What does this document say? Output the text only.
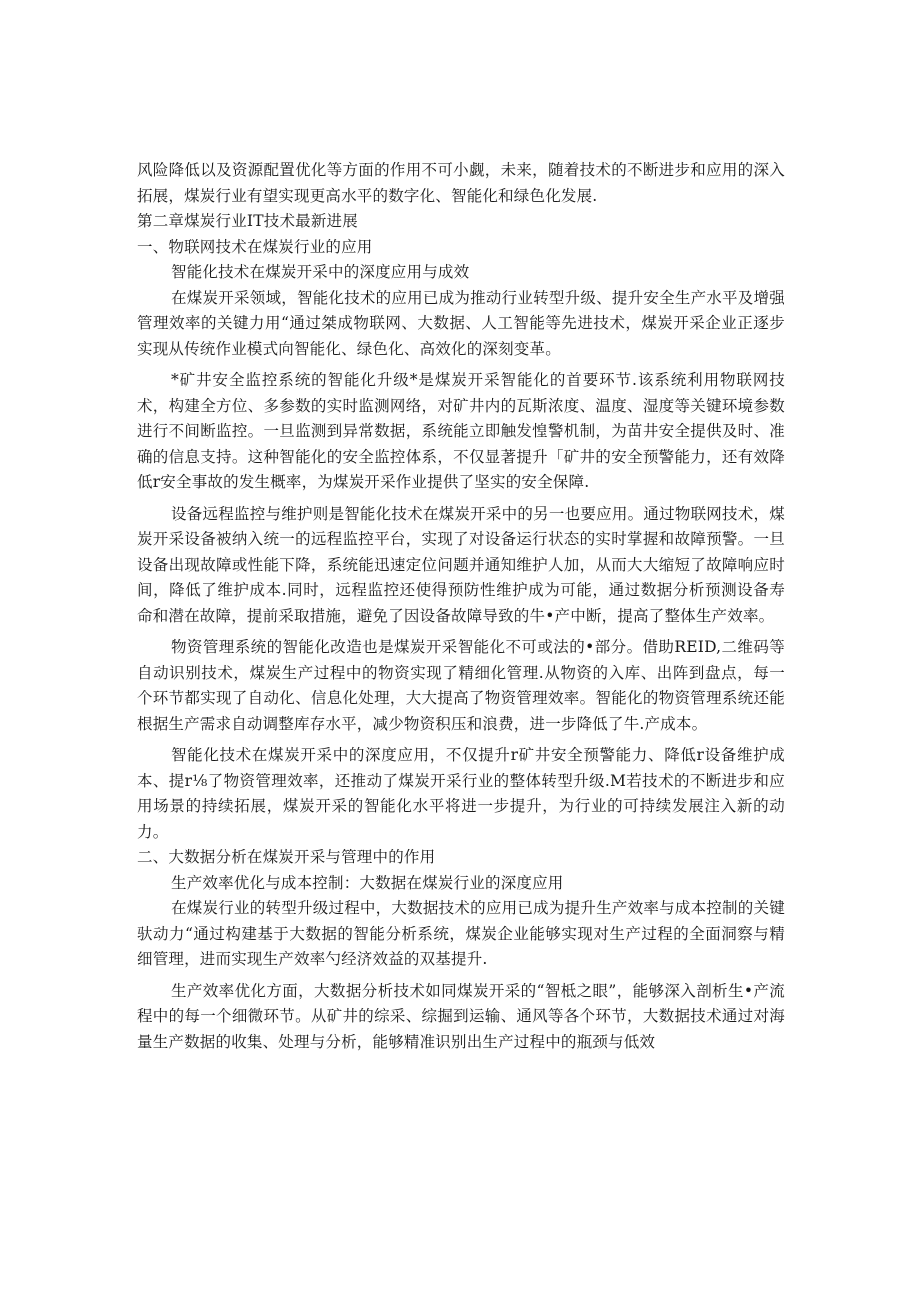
风险降低以及资源配置优化等方面的作用不可小觑，未来，随着技术的不断进步和应用的深入拓展，煤炭行业有望实现更高水平的数字化、智能化和绿色化发展.

第二章煤炭行业IT技术最新进展

一、物联网技术在煤炭行业的应用

智能化技术在煤炭开采中的深度应用与成效

在煤炭开采领域，智能化技术的应用已成为推动行业转型升级、提升安全生产水平及增强管理效率的关键力用“通过桀成物联网、大数据、人工智能等先进技术，煤炭开采企业正逐步实现从传统作业模式向智能化、绿色化、高效化的深刻变革。

*矿井安全监控系统的智能化升级*是煤炭开采智能化的首要环节.该系统利用物联网技术，构建全方位、多参数的实时监测网络，对矿井内的瓦斯浓度、温度、湿度等关键环境参数进行不间断监控。一旦监测到异常数据，系统能立即触发惶警机制，为苗井安全提供及时、准确的信息支持。这种智能化的安全监控体系，不仅显著提升「矿井的安全预警能力，还有效降低r安全事故的发生概率，为煤炭开采作业提供了坚实的安全保障.

设备远程监控与维护则是智能化技术在煤炭开采中的另一也要应用。通过物联网技术，煤炭开采设备被纳入统一的远程监控平台，实现了对设备运行状态的实时掌握和故障预警。一旦设备出现故障或性能下降，系统能迅速定位问题并通知维护人加，从而大大缩短了故障响应时间，降低了维护成本.同时，远程监控还使得预防性维护成为可能，通过数据分析预测设备寿命和潜在故障，提前采取措施，避免了因设备故障导致的牛•产中断，提高了整体生产效率。

物资管理系统的智能化改造也是煤炭开采智能化不可或法的•部分。借助REID,二维码等自动识别技术，煤炭生产过程中的物资实现了精细化管理.从物资的入库、出阵到盘点，每一个环节都实现了自动化、信息化处理，大大提高了物资管理效率。智能化的物资管理系统还能根据生产需求自动调整库存水平，减少物资积压和浪费，进一步降低了牛.产成本。

智能化技术在煤炭开采中的深度应用，不仅提升r矿井安全预警能力、降低r设备维护成本、提r⅛了物资管理效率，还推动了煤炭开采行业的整体转型升级.M若技术的不断进步和应用场景的持续拓展，煤炭开采的智能化水平将进一步提升，为行业的可持续发展注入新的动力。

二、大数据分析在煤炭开采与管理中的作用

生产效率优化与成本控制：大数据在煤炭行业的深度应用

在煤炭行业的转型升级过程中，大数据技术的应用已成为提升生产效率与成本控制的关键驮动力“通过构建基于大数据的智能分析系统，煤炭企业能够实现对生产过程的全面洞察与精细管理，进而实现生产效率勺经济效益的双基提升.

生产效率优化方面，大数据分析技术如同煤炭开采的“智柢之眼”，能够深入剖析生•产流程中的每一个细微环节。从矿井的综采、综掘到运输、通风等各个环节，大数据技术通过对海量生产数据的收集、处理与分析，能够精准识别出生产过程中的瓶颈与低效
